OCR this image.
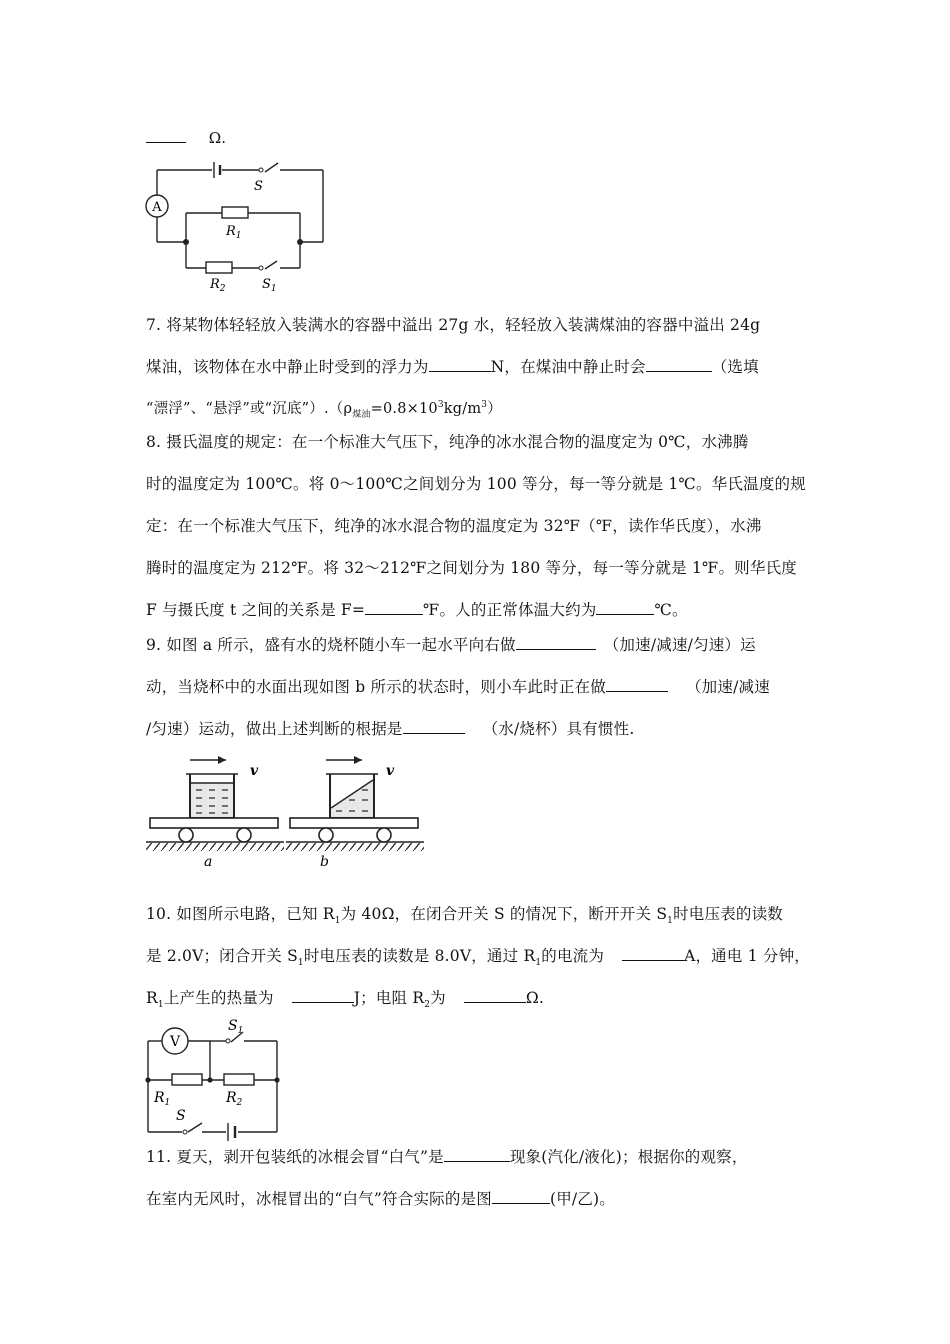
Ω.
A
S
$R_1$
$R_2$	$S_1$
7. 将某物体轻轻放入装满水的容器中溢出 27g 水，轻轻放入装满煤油的容器中溢出 24g
煤油，该物体在水中静止时受到的浮力为	N，在煤油中静止时会	（选填
“漂浮”、“悬浮”或“沉底$”).(\rho_{煤油}=0.8\times 10^3kg/m^3)$
8. 摄氏温度的规定：在一个标准大气压下，纯净的冰水混合物的温度定为 0℃，水沸腾
时的温度定为 100℃。将 0～100℃之间划分为 100 等分，每一等分就是 1℃。华氏温度的规
定：在一个标准大气压下，纯净的冰水混合物的温度定为 32℉（℉，读作华氏度），水沸
腾时的温度定为 212℉。将 32～212℉之间划分为 180 等分，每一等分就是 1℉。则华氏度
F 与摄氏度 t 之间的关系是 F=	℉。人的正常体温大约为	℃。
9. 如图 a 所示，盛有水的烧杯随小车一起水平向右做	（加速/减速/匀速）运
动，当烧杯中的水面出现如图 b 所示的状态时，则小车此时正在做	（加速/减速
/匀速）运动，做出上述判断的根据是	（水/烧杯）具有惯性.
v
a
v
b
10. 如图所示电路，已知 $R_1$为 40Ω，在闭合开关 S 的情况下，断开开关 $S_1$时电压表的读数
是 2.0V；闭合开关 $S_1$时电压表的读数是 8.0V，通过 $R_1$的电流为	A，通电 1 分钟，
$R_1$上产生的热量为	J；电阻 $R_2$为	Ω.
V
$S_1$
$R_1$	$R_2$
S
11. 夏天，剥开包装纸的冰棍会冒“白气”是	现象(汽化/液化)；根据你的观察，
在室内无风时，冰棍冒出的“白气”符合实际的是图	(甲/乙)。
